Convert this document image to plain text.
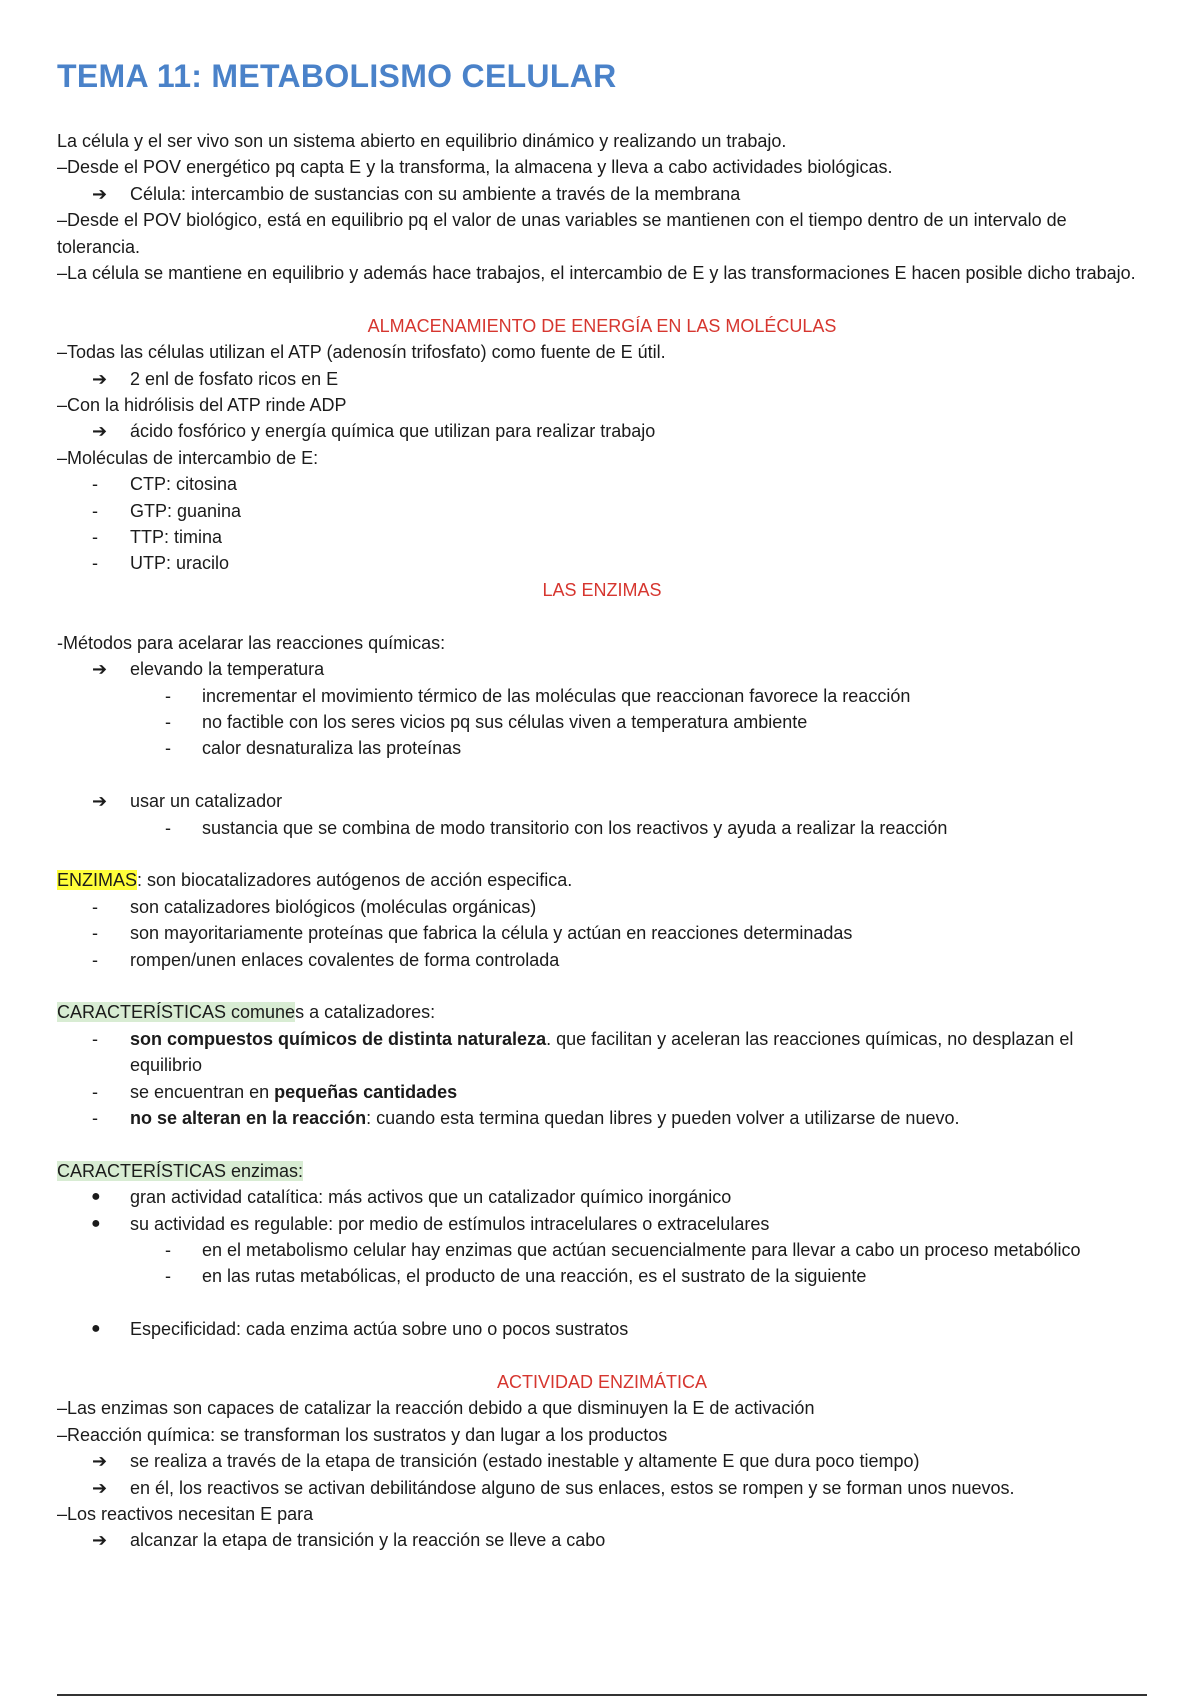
TEMA 11: METABOLISMO CELULAR

La célula y el ser vivo son un sistema abierto en equilibrio dinámico y realizando un trabajo.

–Desde el POV energético pq capta E y la transforma, la almacena y lleva a cabo actividades biológicas.

➔ Célula: intercambio de sustancias con su ambiente a través de la membrana

–Desde el POV biológico, está en equilibrio pq el valor de unas variables se mantienen con el tiempo dentro de un intervalo de tolerancia.

–La célula se mantiene en equilibrio y además hace trabajos, el intercambio de E y las transformaciones E hacen posible dicho trabajo.

ALMACENAMIENTO DE ENERGÍA EN LAS MOLÉCULAS

–Todas las células utilizan el ATP (adenosín trifosfato) como fuente de E útil.

➔ 2 enl de fosfato ricos en E

–Con la hidrólisis del ATP rinde ADP

➔ ácido fosfórico y energía química que utilizan para realizar trabajo

–Moléculas de intercambio de E:

- CTP: citosina
- GTP: guanina
- TTP: timina
- UTP: uracilo

LAS ENZIMAS

-Métodos para acelarar las reacciones químicas:

➔ elevando la temperatura
- incrementar el movimiento térmico de las moléculas que reaccionan favorece la reacción
- no factible con los seres vicios pq sus células viven a temperatura ambiente
- calor desnaturaliza las proteínas
➔ usar un catalizador
- sustancia que se combina de modo transitorio con los reactivos y ayuda a realizar la reacción

ENZIMAS: son biocatalizadores autógenos de acción especifica.

- son catalizadores biológicos (moléculas orgánicas)
- son mayoritariamente proteínas que fabrica la célula y actúan en reacciones determinadas
- rompen/unen enlaces covalentes de forma controlada

CARACTERÍSTICAS comunes a catalizadores:

- son compuestos químicos de distinta naturaleza. que facilitan y aceleran las reacciones químicas, no desplazan el equilibrio
- se encuentran en pequeñas cantidades
- no se alteran en la reacción: cuando esta termina quedan libres y pueden volver a utilizarse de nuevo.

CARACTERÍSTICAS enzimas:

● gran actividad catalítica: más activos que un catalizador químico inorgánico
● su actividad es regulable: por medio de estímulos intracelulares o extracelulares
- en el metabolismo celular hay enzimas que actúan secuencialmente para llevar a cabo un proceso metabólico
- en las rutas metabólicas, el producto de una reacción, es el sustrato de la siguiente
● Especificidad: cada enzima actúa sobre uno o pocos sustratos

ACTIVIDAD ENZIMÁTICA

–Las enzimas son capaces de catalizar la reacción debido a que disminuyen la E de activación

–Reacción química: se transforman los sustratos y dan lugar a los productos

➔ se realiza a través de la etapa de transición (estado inestable y altamente E que dura poco tiempo)
➔ en él, los reactivos se activan debilitándose alguno de sus enlaces, estos se rompen y se forman unos nuevos.

–Los reactivos necesitan E para

➔ alcanzar la etapa de transición y la reacción se lleve a cabo
